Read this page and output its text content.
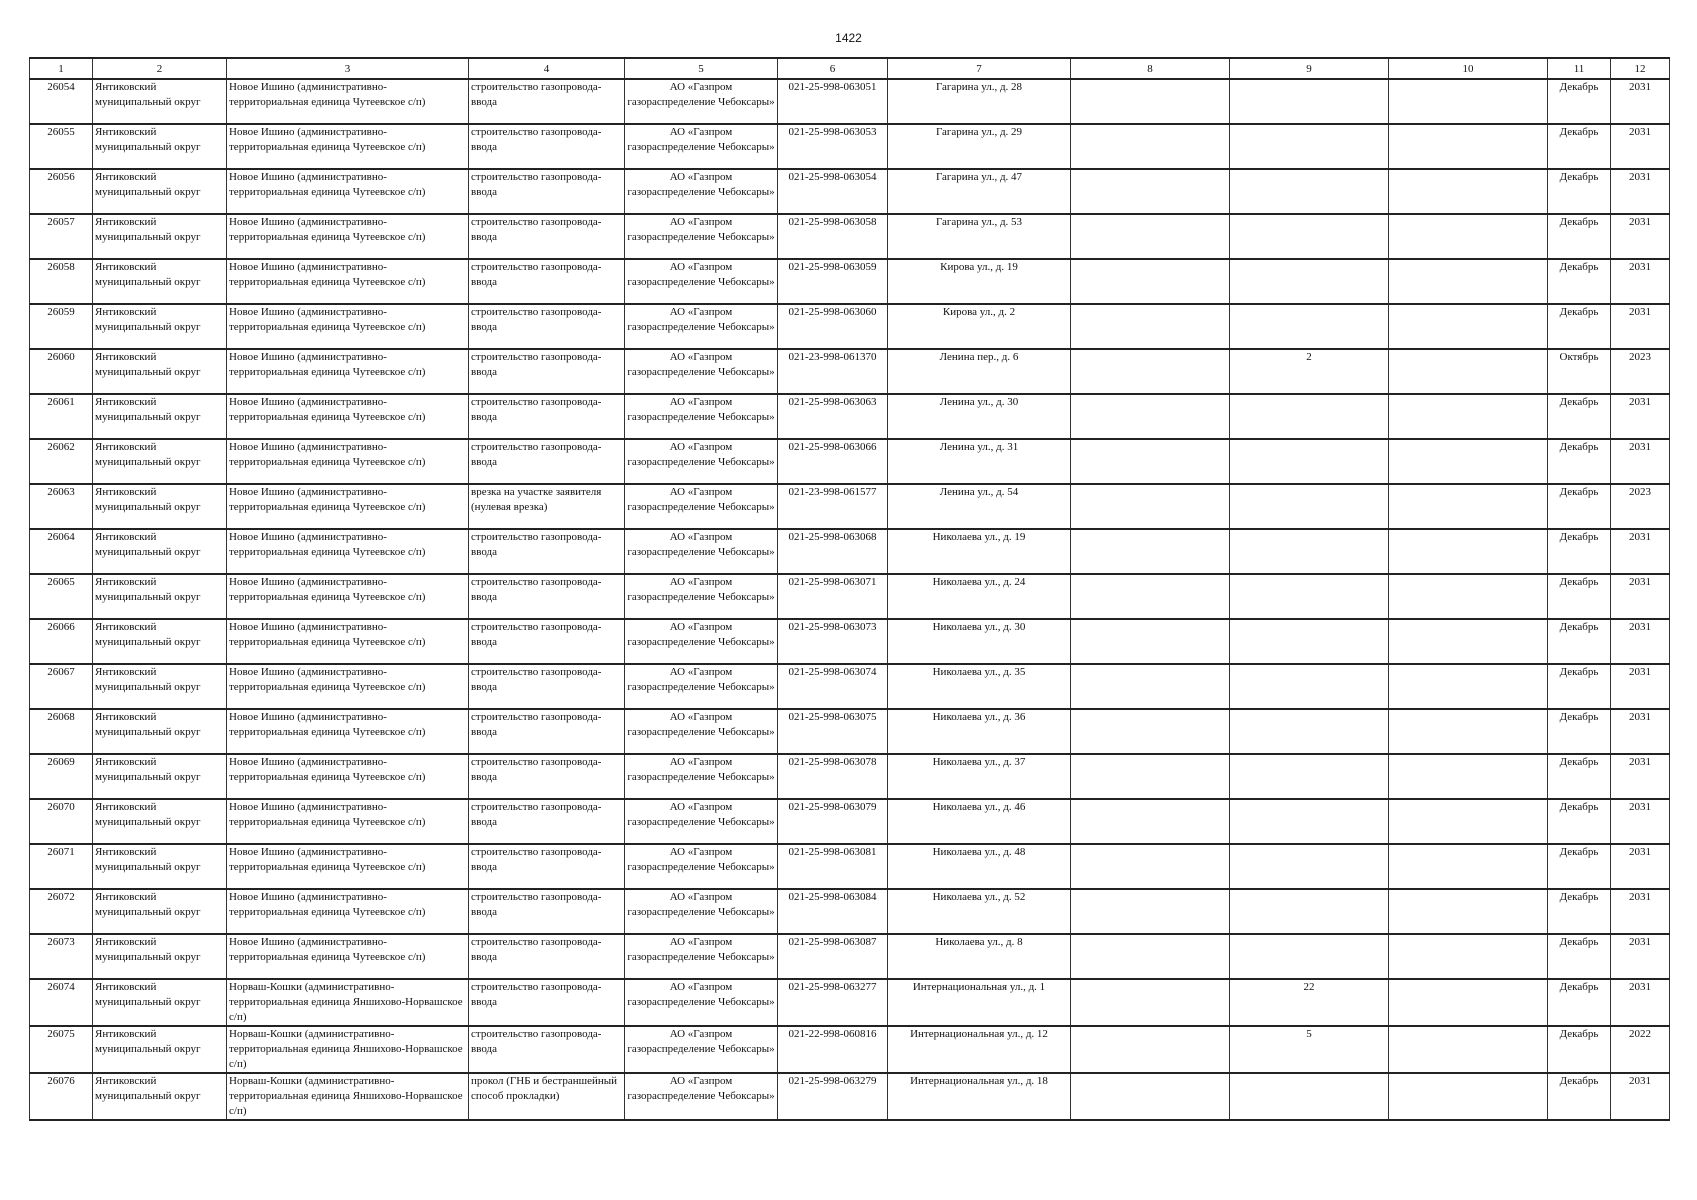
1422
1	2	3	4	5	6	7	8	9	10	11	12
26054	Янтиковский муниципальный округ	Новое Ишино (административно-территориальная единица Чутеевское с/п)	строительство газопровода-ввода	АО «Газпром газораспределение Чебоксары»	021-25-998-063051	Гагарина ул., д. 28				Декабрь	2031
26055	Янтиковский муниципальный округ	Новое Ишино (административно-территориальная единица Чутеевское с/п)	строительство газопровода-ввода	АО «Газпром газораспределение Чебоксары»	021-25-998-063053	Гагарина ул., д. 29				Декабрь	2031
26056	Янтиковский муниципальный округ	Новое Ишино (административно-территориальная единица Чутеевское с/п)	строительство газопровода-ввода	АО «Газпром газораспределение Чебоксары»	021-25-998-063054	Гагарина ул., д. 47				Декабрь	2031
26057	Янтиковский муниципальный округ	Новое Ишино (административно-территориальная единица Чутеевское с/п)	строительство газопровода-ввода	АО «Газпром газораспределение Чебоксары»	021-25-998-063058	Гагарина ул., д. 53				Декабрь	2031
26058	Янтиковский муниципальный округ	Новое Ишино (административно-территориальная единица Чутеевское с/п)	строительство газопровода-ввода	АО «Газпром газораспределение Чебоксары»	021-25-998-063059	Кирова ул., д. 19				Декабрь	2031
26059	Янтиковский муниципальный округ	Новое Ишино (административно-территориальная единица Чутеевское с/п)	строительство газопровода-ввода	АО «Газпром газораспределение Чебоксары»	021-25-998-063060	Кирова ул., д. 2				Декабрь	2031
26060	Янтиковский муниципальный округ	Новое Ишино (административно-территориальная единица Чутеевское с/п)	строительство газопровода-ввода	АО «Газпром газораспределение Чебоксары»	021-23-998-061370	Ленина пер., д. 6		2		Октябрь	2023
26061	Янтиковский муниципальный округ	Новое Ишино (административно-территориальная единица Чутеевское с/п)	строительство газопровода-ввода	АО «Газпром газораспределение Чебоксары»	021-25-998-063063	Ленина ул., д. 30				Декабрь	2031
26062	Янтиковский муниципальный округ	Новое Ишино (административно-территориальная единица Чутеевское с/п)	строительство газопровода-ввода	АО «Газпром газораспределение Чебоксары»	021-25-998-063066	Ленина ул., д. 31				Декабрь	2031
26063	Янтиковский муниципальный округ	Новое Ишино (административно-территориальная единица Чутеевское с/п)	врезка на участке заявителя (нулевая врезка)	АО «Газпром газораспределение Чебоксары»	021-23-998-061577	Ленина ул., д. 54				Декабрь	2023
26064	Янтиковский муниципальный округ	Новое Ишино (административно-территориальная единица Чутеевское с/п)	строительство газопровода-ввода	АО «Газпром газораспределение Чебоксары»	021-25-998-063068	Николаева ул., д. 19				Декабрь	2031
26065	Янтиковский муниципальный округ	Новое Ишино (административно-территориальная единица Чутеевское с/п)	строительство газопровода-ввода	АО «Газпром газораспределение Чебоксары»	021-25-998-063071	Николаева ул., д. 24				Декабрь	2031
26066	Янтиковский муниципальный округ	Новое Ишино (административно-территориальная единица Чутеевское с/п)	строительство газопровода-ввода	АО «Газпром газораспределение Чебоксары»	021-25-998-063073	Николаева ул., д. 30				Декабрь	2031
26067	Янтиковский муниципальный округ	Новое Ишино (административно-территориальная единица Чутеевское с/п)	строительство газопровода-ввода	АО «Газпром газораспределение Чебоксары»	021-25-998-063074	Николаева ул., д. 35				Декабрь	2031
26068	Янтиковский муниципальный округ	Новое Ишино (административно-территориальная единица Чутеевское с/п)	строительство газопровода-ввода	АО «Газпром газораспределение Чебоксары»	021-25-998-063075	Николаева ул., д. 36				Декабрь	2031
26069	Янтиковский муниципальный округ	Новое Ишино (административно-территориальная единица Чутеевское с/п)	строительство газопровода-ввода	АО «Газпром газораспределение Чебоксары»	021-25-998-063078	Николаева ул., д. 37				Декабрь	2031
26070	Янтиковский муниципальный округ	Новое Ишино (административно-территориальная единица Чутеевское с/п)	строительство газопровода-ввода	АО «Газпром газораспределение Чебоксары»	021-25-998-063079	Николаева ул., д. 46				Декабрь	2031
26071	Янтиковский муниципальный округ	Новое Ишино (административно-территориальная единица Чутеевское с/п)	строительство газопровода-ввода	АО «Газпром газораспределение Чебоксары»	021-25-998-063081	Николаева ул., д. 48				Декабрь	2031
26072	Янтиковский муниципальный округ	Новое Ишино (административно-территориальная единица Чутеевское с/п)	строительство газопровода-ввода	АО «Газпром газораспределение Чебоксары»	021-25-998-063084	Николаева ул., д. 52				Декабрь	2031
26073	Янтиковский муниципальный округ	Новое Ишино (административно-территориальная единица Чутеевское с/п)	строительство газопровода-ввода	АО «Газпром газораспределение Чебоксары»	021-25-998-063087	Николаева ул., д. 8				Декабрь	2031
26074	Янтиковский муниципальный округ	Норваш-Кошки (административно-территориальная единица Яншихово-Норвашское с/п)	строительство газопровода-ввода	АО «Газпром газораспределение Чебоксары»	021-25-998-063277	Интернациональная ул., д. 1		22		Декабрь	2031
26075	Янтиковский муниципальный округ	Норваш-Кошки (административно-территориальная единица Яншихово-Норвашское с/п)	строительство газопровода-ввода	АО «Газпром газораспределение Чебоксары»	021-22-998-060816	Интернациональная ул., д. 12		5		Декабрь	2022
26076	Янтиковский муниципальный округ	Норваш-Кошки (административно-территориальная единица Яншихово-Норвашское с/п)	прокол (ГНБ и бестраншейный способ прокладки)	АО «Газпром газораспределение Чебоксары»	021-25-998-063279	Интернациональная ул., д. 18				Декабрь	2031
